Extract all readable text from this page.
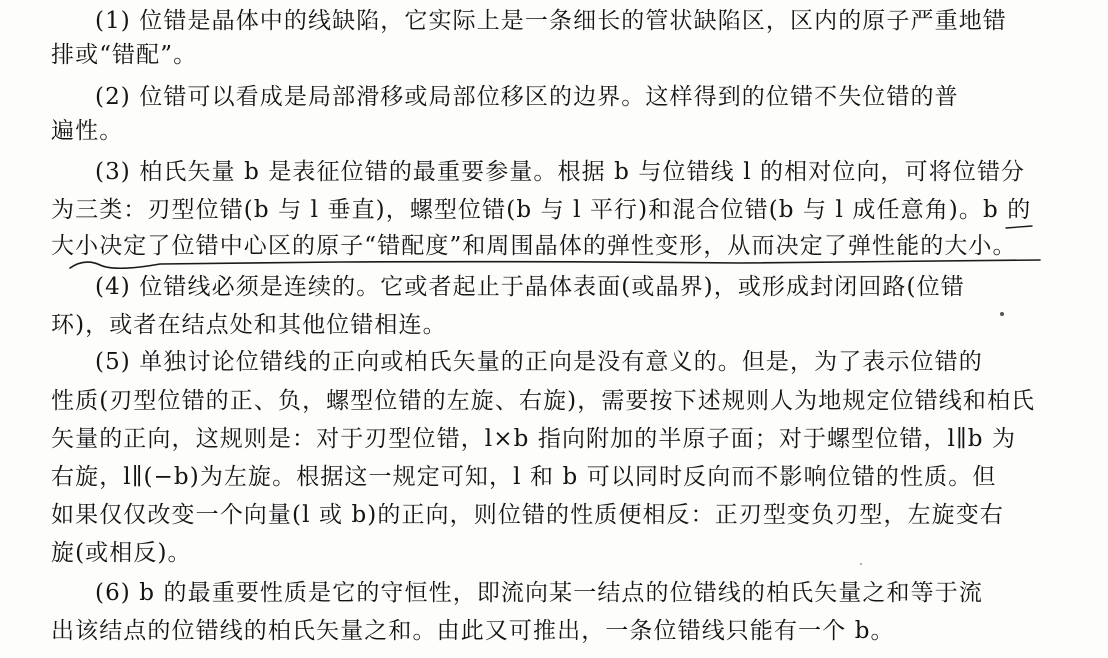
(1) 位错是晶体中的线缺陷，它实际上是一条细长的管状缺陷区，区内的原子严重地错
排或“错配”。
(2) 位错可以看成是局部滑移或局部位移区的边界。这样得到的位错不失位错的普
遍性。
(3) 柏氏矢量 b 是表征位错的最重要参量。根据 b 与位错线 l 的相对位向，可将位错分
为三类：刃型位错(b 与 l 垂直)，螺型位错(b 与 l 平行)和混合位错(b 与 l 成任意角)。b 的
大小决定了位错中心区的原子“错配度”和周围晶体的弹性变形，从而决定了弹性能的大小。
(4) 位错线必须是连续的。它或者起止于晶体表面(或晶界)，或形成封闭回路(位错
环)，或者在结点处和其他位错相连。
(5) 单独讨论位错线的正向或柏氏矢量的正向是没有意义的。但是，为了表示位错的
性质(刃型位错的正、负，螺型位错的左旋、右旋)，需要按下述规则人为地规定位错线和柏氏
矢量的正向，这规则是：对于刃型位错，l×b 指向附加的半原子面；对于螺型位错，l∥b 为
右旋，l∥(−b)为左旋。根据这一规定可知，l 和 b 可以同时反向而不影响位错的性质。但
如果仅仅改变一个向量(l 或 b)的正向，则位错的性质便相反：正刃型变负刃型，左旋变右
旋(或相反)。
(6) b 的最重要性质是它的守恒性，即流向某一结点的位错线的柏氏矢量之和等于流
出该结点的位错线的柏氏矢量之和。由此又可推出，一条位错线只能有一个 b。
